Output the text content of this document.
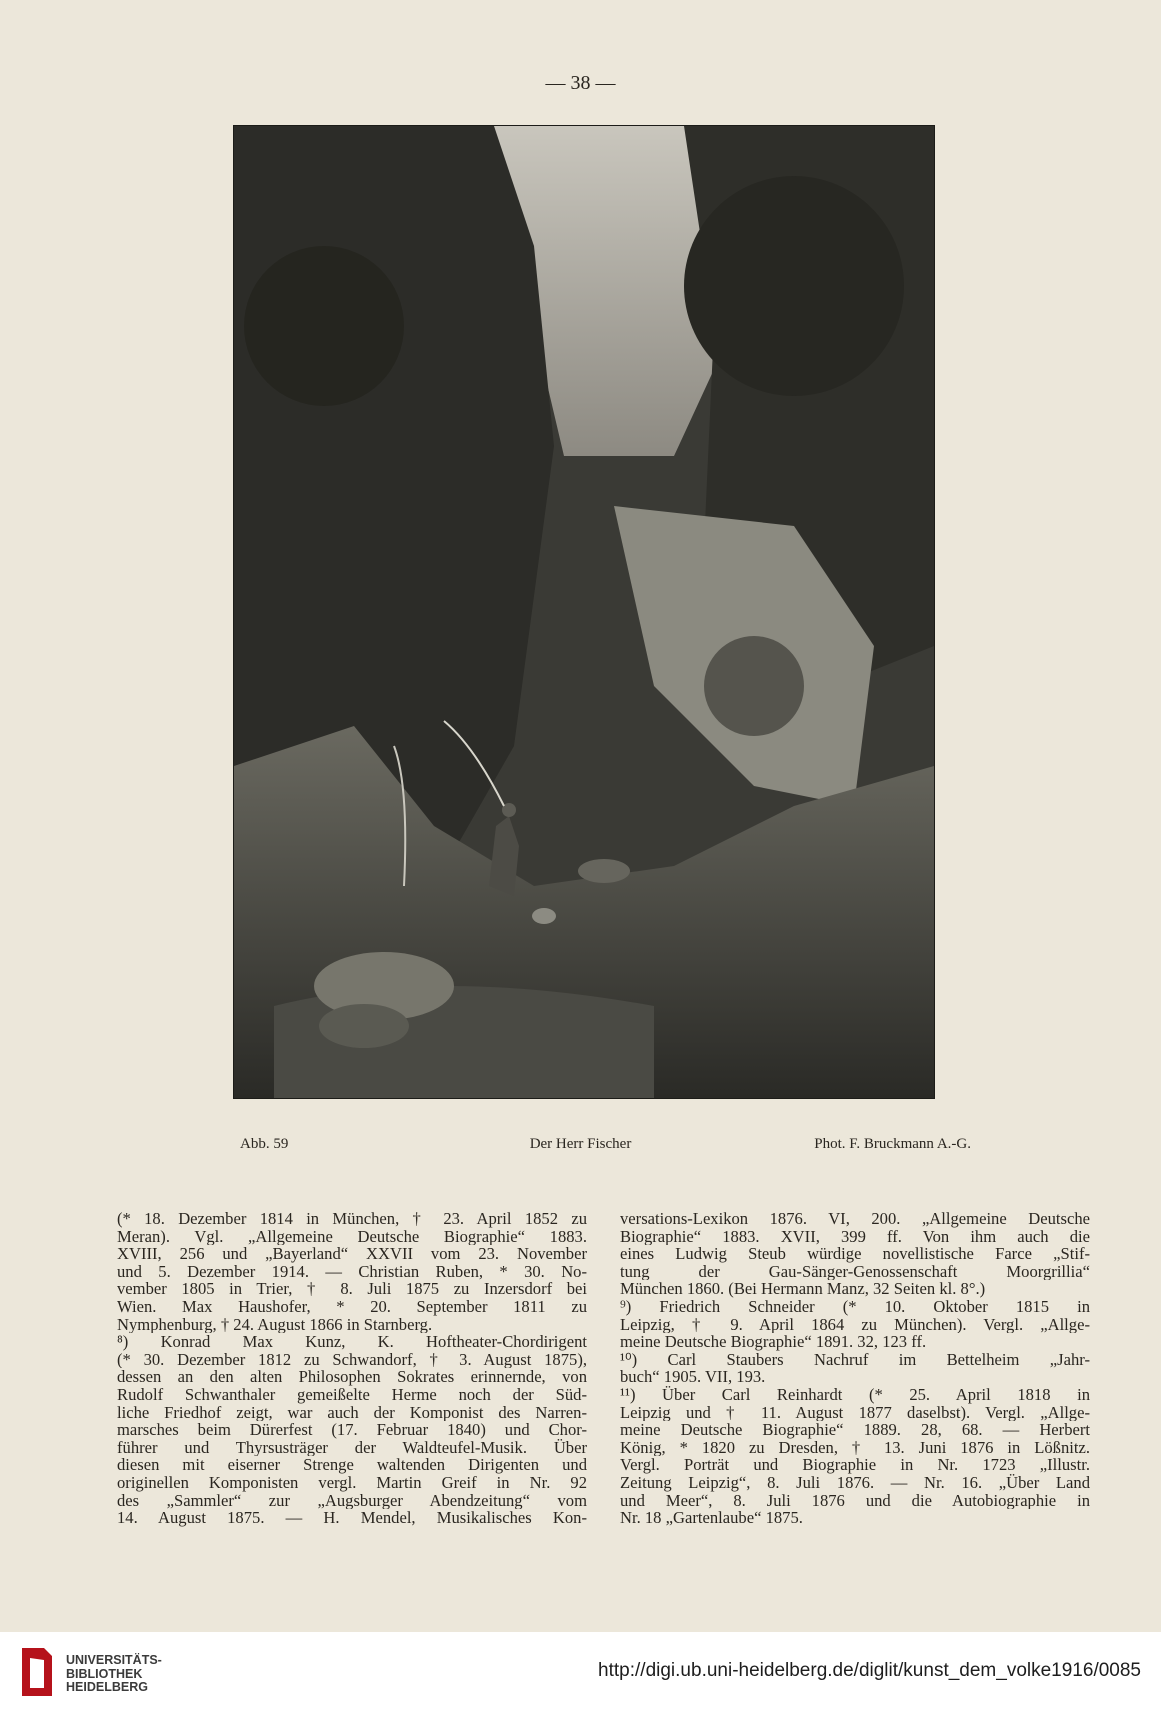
— 38 —
Abb. 59	Der Herr Fischer	Phot. F. Bruckmann A.-G.
(* 18. Dezember 1814 in München, † 23. April 1852 zu
Meran). Vgl. „Allgemeine Deutsche Biographie“ 1883.
XVIII, 256 und „Bayerland“ XXVII vom 23. November
und 5. Dezember 1914. — Christian Ruben, * 30. No-
vember 1805 in Trier, † 8. Juli 1875 zu Inzersdorf bei
Wien. Max Haushofer, * 20. September 1811 zu
Nymphenburg, † 24. August 1866 in Starnberg.
⁸) Konrad Max Kunz, K. Hoftheater-Chordirigent
(* 30. Dezember 1812 zu Schwandorf, † 3. August 1875),
dessen an den alten Philosophen Sokrates erinnernde, von
Rudolf Schwanthaler gemeißelte Herme noch der Süd-
liche Friedhof zeigt, war auch der Komponist des Narren-
marsches beim Dürerfest (17. Februar 1840) und Chor-
führer und Thyrsusträger der Waldteufel-Musik. Über
diesen mit eiserner Strenge waltenden Dirigenten und
originellen Komponisten vergl. Martin Greif in Nr. 92
des „Sammler“ zur „Augsburger Abendzeitung“ vom
14. August 1875. — H. Mendel, Musikalisches Kon-
versations-Lexikon 1876. VI, 200. „Allgemeine Deutsche
Biographie“ 1883. XVII, 399 ff. Von ihm auch die
eines Ludwig Steub würdige novellistische Farce „Stif-
tung der Gau-Sänger-Genossenschaft Moorgrillia“
München 1860. (Bei Hermann Manz, 32 Seiten kl. 8°.)
⁹) Friedrich Schneider (* 10. Oktober 1815 in
Leipzig, † 9. April 1864 zu München). Vergl. „Allge-
meine Deutsche Biographie“ 1891. 32, 123 ff.
¹⁰) Carl Staubers Nachruf im Bettelheim „Jahr-
buch“ 1905. VII, 193.
¹¹) Über Carl Reinhardt (* 25. April 1818 in
Leipzig und † 11. August 1877 daselbst). Vergl. „Allge-
meine Deutsche Biographie“ 1889. 28, 68. — Herbert
König, * 1820 zu Dresden, † 13. Juni 1876 in Lößnitz.
Vergl. Porträt und Biographie in Nr. 1723 „Illustr.
Zeitung Leipzig“, 8. Juli 1876. — Nr. 16. „Über Land
und Meer“, 8. Juli 1876 und die Autobiographie in
Nr. 18 „Gartenlaube“ 1875.
UNIVERSITÄTS-
BIBLIOTHEK
HEIDELBERG
http://digi.ub.uni-heidelberg.de/diglit/kunst_dem_volke1916/0085
